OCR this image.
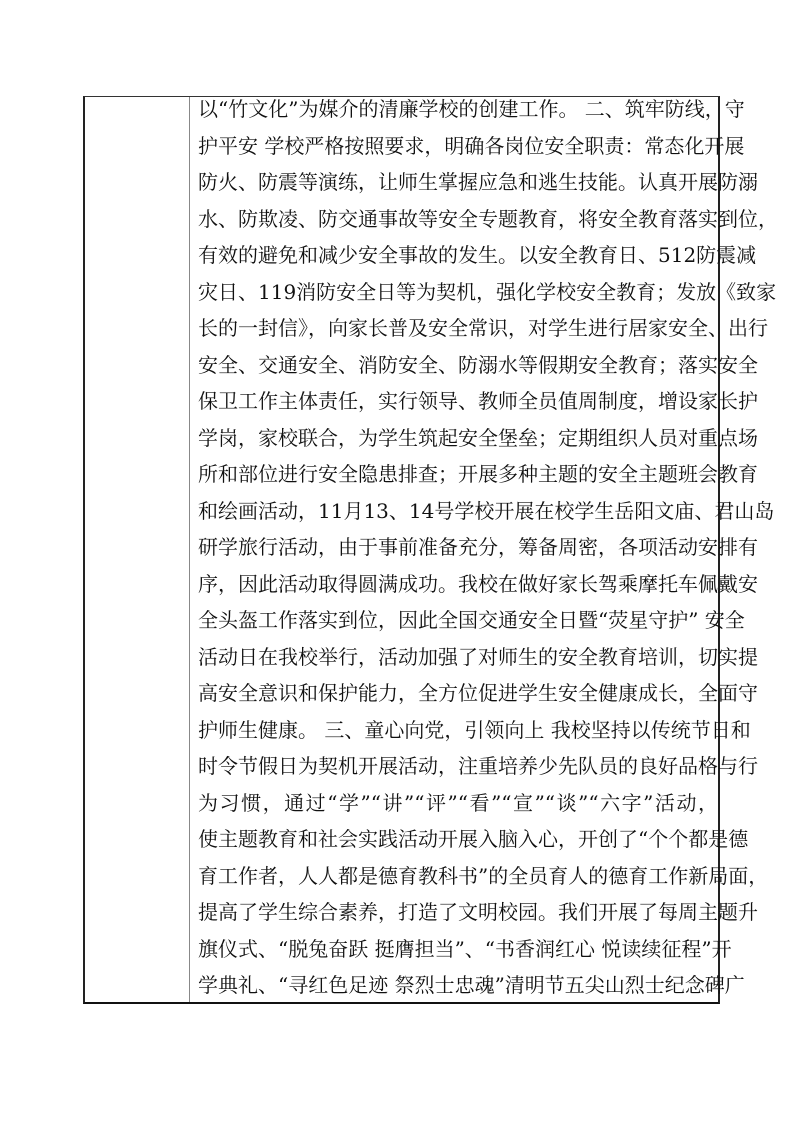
以“竹文化”为媒介的清廉学校的创建工作。 二、筑牢防线，守
护平安 学校严格按照要求，明确各岗位安全职责：常态化开展
防火、防震等演练，让师生掌握应急和逃生技能。认真开展防溺
水、防欺凌、防交通事故等安全专题教育，将安全教育落实到位，
有效的避免和减少安全事故的发生。以安全教育日、512防震减
灾日、119消防安全日等为契机，强化学校安全教育；发放《致家
长的一封信》，向家长普及安全常识，对学生进行居家安全、出行
安全、交通安全、消防安全、防溺水等假期安全教育；落实安全
保卫工作主体责任，实行领导、教师全员值周制度，增设家长护
学岗，家校联合，为学生筑起安全堡垒；定期组织人员对重点场
所和部位进行安全隐患排查；开展多种主题的安全主题班会教育
和绘画活动，11月13、14号学校开展在校学生岳阳文庙、君山岛
研学旅行活动，由于事前准备充分，筹备周密，各项活动安排有
序，因此活动取得圆满成功。我校在做好家长驾乘摩托车佩戴安
全头盔工作落实到位，因此全国交通安全日暨“荧星守护” 安全
活动日在我校举行，活动加强了对师生的安全教育培训，切实提
高安全意识和保护能力，全方位促进学生安全健康成长，全面守
护师生健康。 三、童心向党，引领向上 我校坚持以传统节日和
时令节假日为契机开展活动，注重培养少先队员的良好品格与行
为习惯，通过“学”“讲”“评”“看”“宣”“谈”“六字”活动，
使主题教育和社会实践活动开展入脑入心，开创了“个个都是德
育工作者，人人都是德育教科书”的全员育人的德育工作新局面，
提高了学生综合素养，打造了文明校园。我们开展了每周主题升
旗仪式、“脱兔奋跃 挺膺担当”、“书香润红心 悦读续征程”开
学典礼、“寻红色足迹 祭烈士忠魂”清明节五尖山烈士纪念碑广
